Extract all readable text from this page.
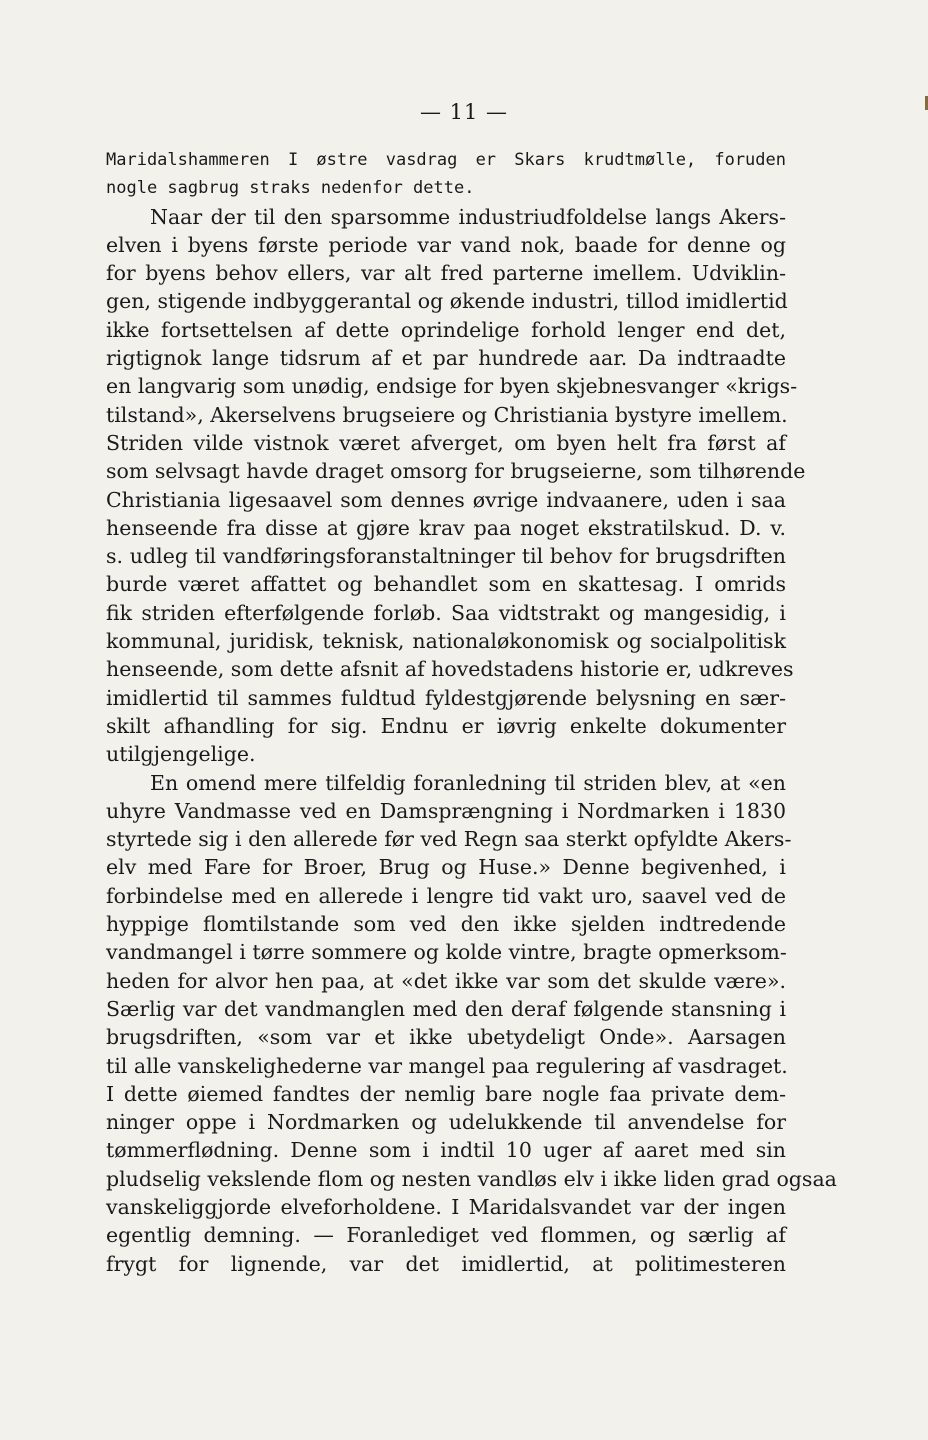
— 11 —
Maridalshammeren I østre vasdrag er Skars krudtmølle, foruden
nogle sagbrug straks nedenfor dette.
Naar der til den sparsomme industriudfoldelse langs Akers-
elven i byens første periode var vand nok, baade for denne og
for byens behov ellers, var alt fred parterne imellem. Udviklin-
gen, stigende indbyggerantal og økende industri, tillod imidlertid
ikke fortsettelsen af dette oprindelige forhold lenger end det,
rigtignok lange tidsrum af et par hundrede aar. Da indtraadte
en langvarig som unødig, endsige for byen skjebnesvanger «krigs-
tilstand», Akerselvens brugseiere og Christiania bystyre imellem.
Striden vilde vistnok været afverget, om byen helt fra først af
som selvsagt havde draget omsorg for brugseierne, som tilhørende
Christiania ligesaavel som dennes øvrige indvaanere, uden i saa
henseende fra disse at gjøre krav paa noget ekstratilskud. D. v.
s. udleg til vandføringsforanstaltninger til behov for brugsdriften
burde været affattet og behandlet som en skattesag. I omrids
fik striden efterfølgende forløb. Saa vidtstrakt og mangesidig, i
kommunal, juridisk, teknisk, nationaløkonomisk og socialpolitisk
henseende, som dette afsnit af hovedstadens historie er, udkreves
imidlertid til sammes fuldtud fyldestgjørende belysning en sær-
skilt afhandling for sig. Endnu er iøvrig enkelte dokumenter
utilgjengelige.
En omend mere tilfeldig foranledning til striden blev, at «en
uhyre Vandmasse ved en Damsprængning i Nordmarken i 1830
styrtede sig i den allerede før ved Regn saa sterkt opfyldte Akers-
elv med Fare for Broer, Brug og Huse.» Denne begivenhed, i
forbindelse med en allerede i lengre tid vakt uro, saavel ved de
hyppige flomtilstande som ved den ikke sjelden indtredende
vandmangel i tørre sommere og kolde vintre, bragte opmerksom-
heden for alvor hen paa, at «det ikke var som det skulde være».
Særlig var det vandmanglen med den deraf følgende stansning i
brugsdriften, «som var et ikke ubetydeligt Onde». Aarsagen
til alle vanskelighederne var mangel paa regulering af vasdraget.
I dette øiemed fandtes der nemlig bare nogle faa private dem-
ninger oppe i Nordmarken og udelukkende til anvendelse for
tømmerflødning. Denne som i indtil 10 uger af aaret med sin
pludselig vekslende flom og nesten vandløs elv i ikke liden grad ogsaa
vanskeliggjorde elveforholdene. I Maridalsvandet var der ingen
egentlig demning. — Foranlediget ved flommen, og særlig af
frygt for lignende, var det imidlertid, at politimesteren
